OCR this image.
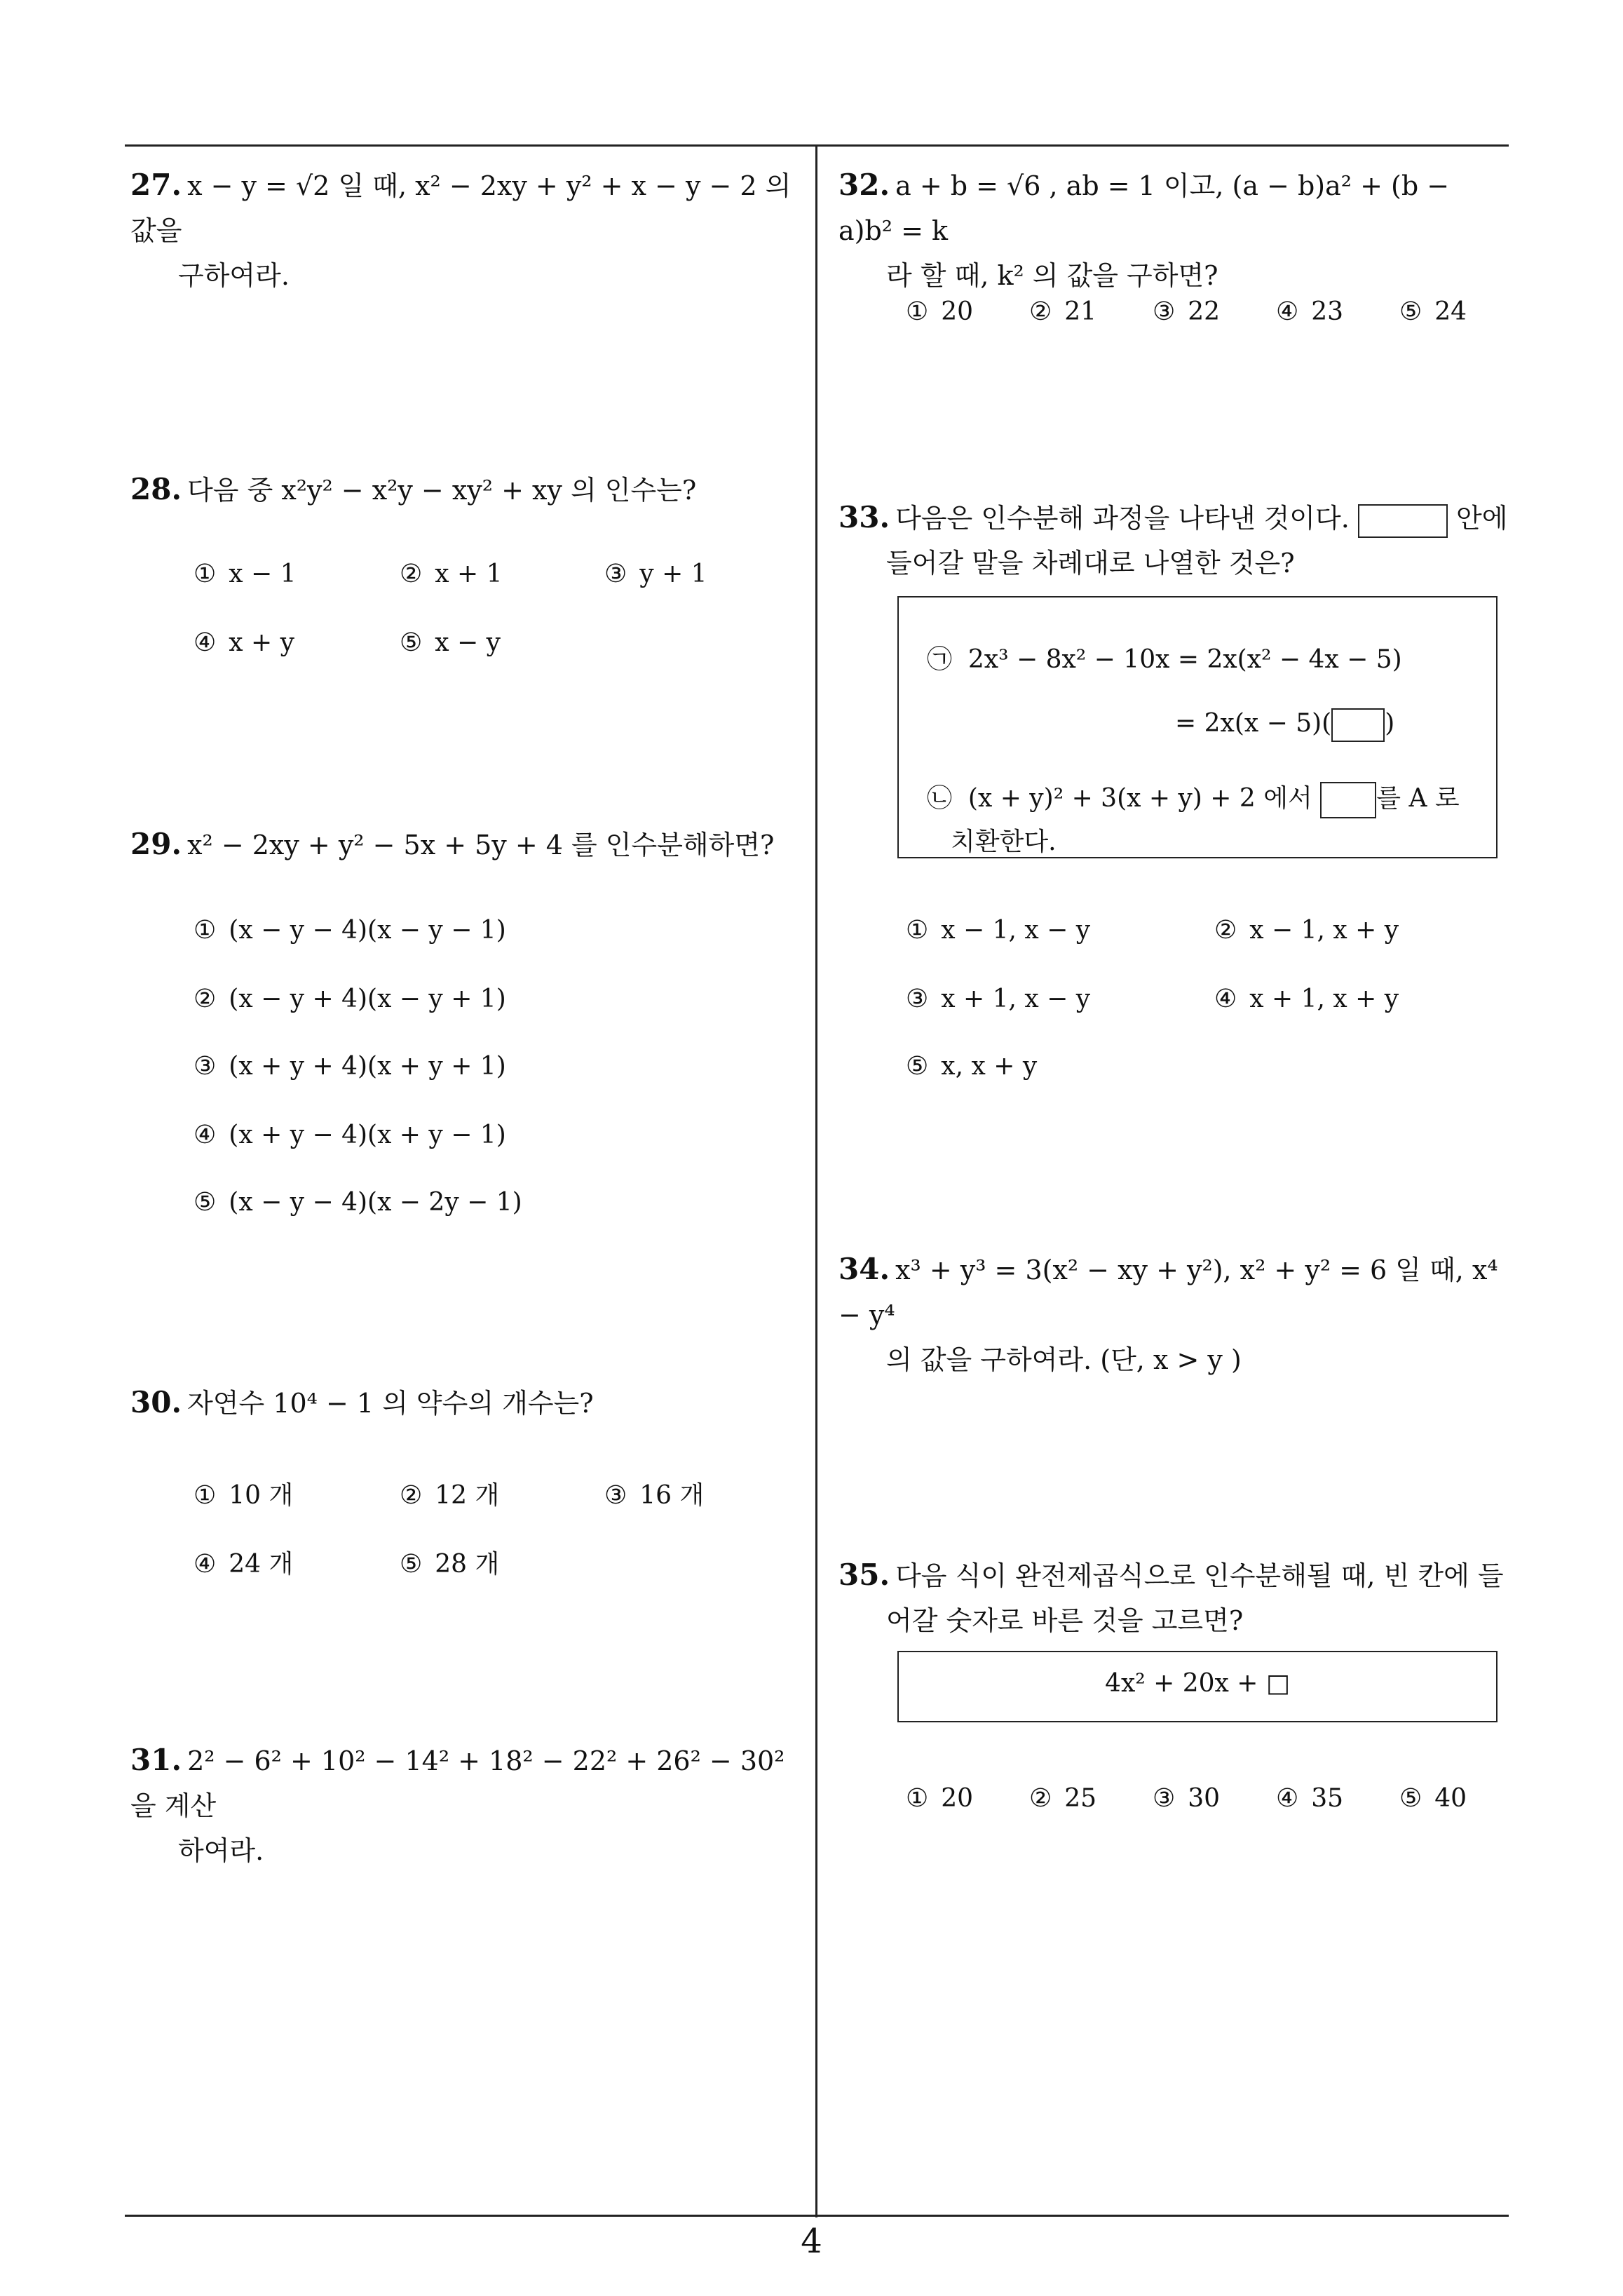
4
27. x − y = √2 일 때, x² − 2xy + y² + x − y − 2 의 값을
구하여라.
28. 다음 중 x²y² − x²y − xy² + xy 의 인수는?
① x − 1	② x + 1	③ y + 1
④ x + y	⑤ x − y
29. x² − 2xy + y² − 5x + 5y + 4 를 인수분해하면?
① (x − y − 4)(x − y − 1)
② (x − y + 4)(x − y + 1)
③ (x + y + 4)(x + y + 1)
④ (x + y − 4)(x + y − 1)
⑤ (x − y − 4)(x − 2y − 1)
30. 자연수 10⁴ − 1 의 약수의 개수는?
① 10 개	② 12 개	③ 16 개
④ 24 개	⑤ 28 개
31. 2² − 6² + 10² − 14² + 18² − 22² + 26² − 30² 을 계산
하여라.
32. a + b = √6 , ab = 1 이고, (a − b)a² + (b − a)b² = k
라 할 때, k² 의 값을 구하면?
① 20 ② 21 ③ 22 ④ 23 ⑤ 24
33. 다음은 인수분해 과정을 나타낸 것이다.	안에
들어갈 말을 차례대로 나열한 것은?
㉠ 2x³ − 8x² − 10x = 2x(x² − 4x − 5)
= 2x(x − 5)( )
㉡ (x + y)² + 3(x + y) + 2 에서	를 A 로
치환한다.
① x − 1, x − y	② x − 1, x + y
③ x + 1, x − y	④ x + 1, x + y
⑤ x, x + y
34. x³ + y³ = 3(x² − xy + y²), x² + y² = 6 일 때, x⁴ − y⁴
의 값을 구하여라. (단, x > y )
35. 다음 식이 완전제곱식으로 인수분해될 때, 빈 칸에 들
어갈 숫자로 바른 것을 고르면?
4x² + 20x + □
① 20 ② 25 ③ 30 ④ 35 ⑤ 40
